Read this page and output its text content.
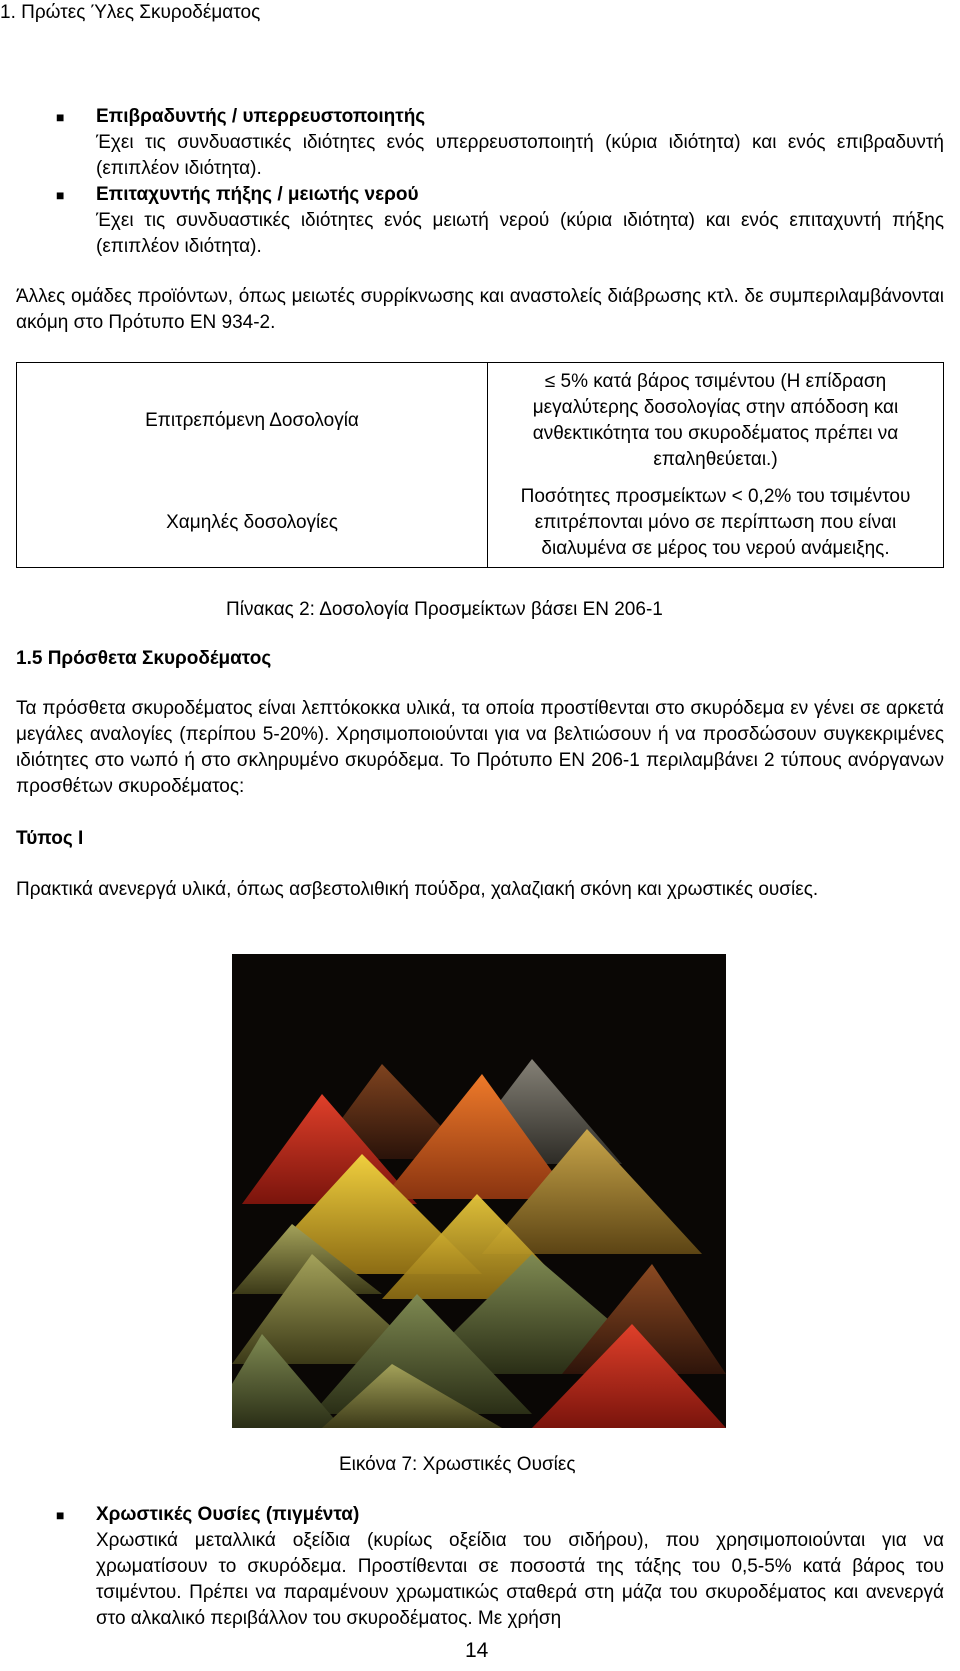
1. Πρώτες Ύλες Σκυροδέματος
■ Επιβραδυντής / υπερρευστοποιητής
Έχει τις συνδυαστικές ιδιότητες ενός υπερρευστοποιητή (κύρια ιδιότητα) και ενός επιβραδυντή (επιπλέον ιδιότητα).
■ Επιταχυντής πήξης / μειωτής νερού
Έχει τις συνδυαστικές ιδιότητες ενός μειωτή νερού (κύρια ιδιότητα) και ενός επιταχυντή πήξης (επιπλέον ιδιότητα).
Άλλες ομάδες προϊόντων, όπως μειωτές συρρίκνωσης και αναστολείς διάβρωσης κτλ. δε συμπεριλαμβάνονται ακόμη στο Πρότυπο EN 934-2.
Επιτρεπόμενη Δοσολογία	≤ 5% κατά βάρος τσιμέντου (Η επίδραση μεγαλύτερης δοσολογίας στην απόδοση και ανθεκτικότητα του σκυροδέματος πρέπει να επαληθεύεται.)
Χαμηλές δοσολογίες	Ποσότητες προσμείκτων < 0,2% του τσιμέντου επιτρέπονται μόνο σε περίπτωση που είναι διαλυμένα σε μέρος του νερού ανάμειξης.
Πίνακας 2: Δοσολογία Προσμείκτων βάσει EN 206-1
1.5 Πρόσθετα Σκυροδέματος
Τα πρόσθετα σκυροδέματος είναι λεπτόκοκκα υλικά, τα οποία προστίθενται στο σκυρόδεμα εν γένει σε αρκετά μεγάλες αναλογίες (περίπου 5-20%). Χρησιμοποιούνται για να βελτιώσουν ή να προσδώσουν συγκεκριμένες ιδιότητες στο νωπό ή στο σκληρυμένο σκυρόδεμα. Το Πρότυπο EN 206-1 περιλαμβάνει 2 τύπους ανόργανων προσθέτων σκυροδέματος:
Τύπος I
Πρακτικά ανενεργά υλικά, όπως ασβεστολιθική πούδρα, χαλαζιακή σκόνη και χρωστικές ουσίες.
Εικόνα 7: Χρωστικές Ουσίες
■ Χρωστικές Ουσίες (πιγμέντα)
Χρωστικά μεταλλικά οξείδια (κυρίως οξείδια του σιδήρου), που χρησιμοποιούνται για να χρωματίσουν το σκυρόδεμα. Προστίθενται σε ποσοστά της τάξης του 0,5-5% κατά βάρος του τσιμέντου. Πρέπει να παραμένουν χρωματικώς σταθερά στη μάζα του σκυροδέματος και ανενεργά στο αλκαλικό περιβάλλον του σκυροδέματος. Με χρήση
14
